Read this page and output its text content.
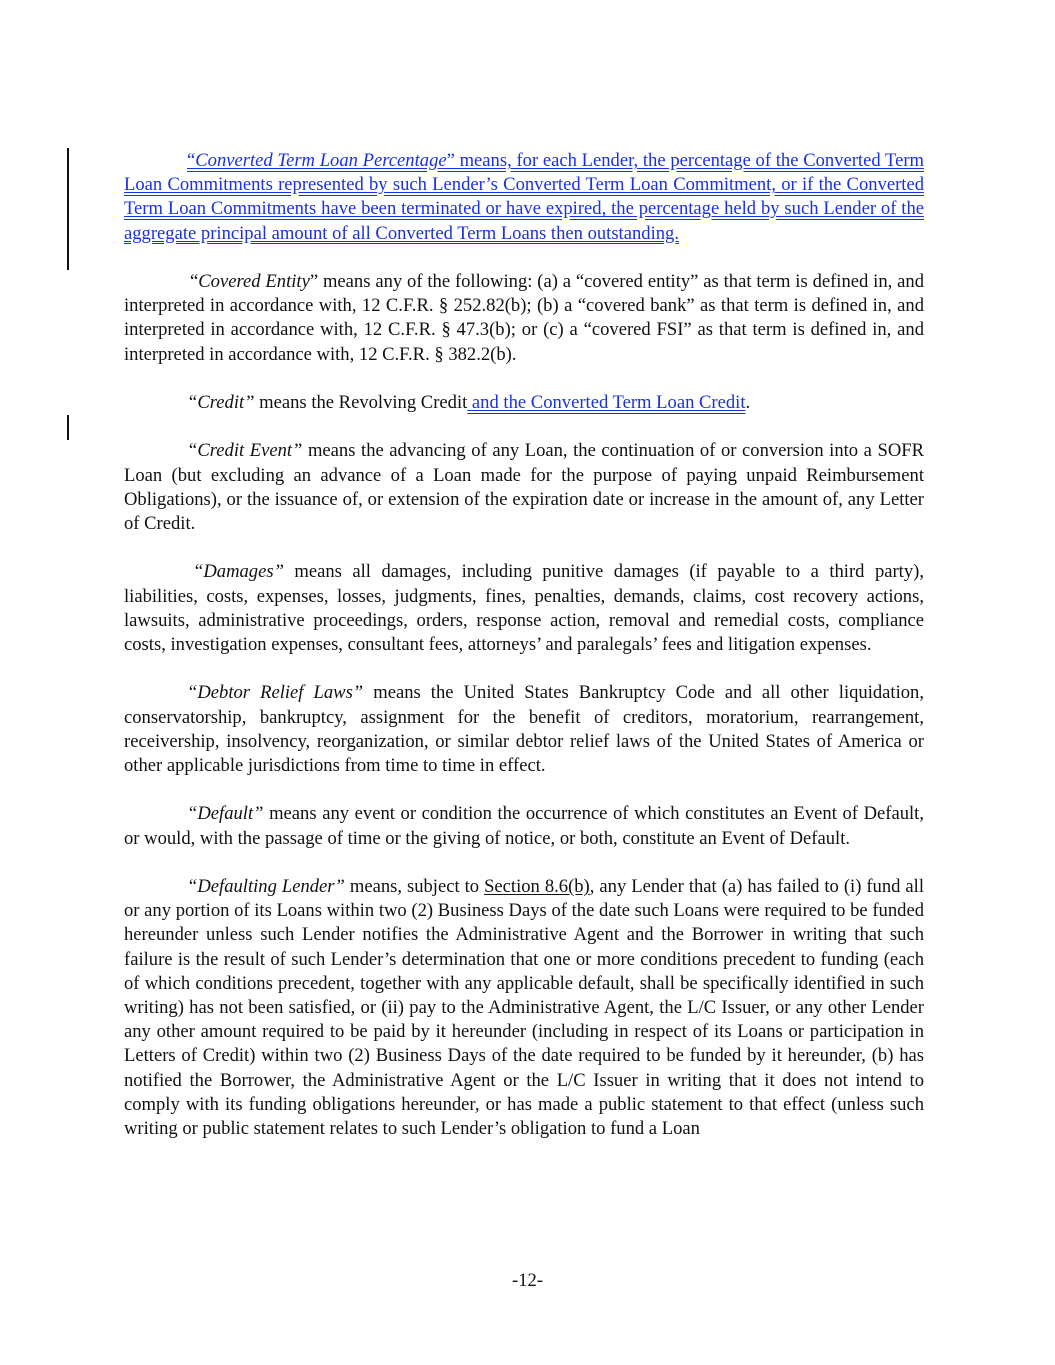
“Converted Term Loan Percentage” means, for each Lender, the percentage of the Converted Term Loan Commitments represented by such Lender’s Converted Term Loan Commitment, or if the Converted Term Loan Commitments have been terminated or have expired, the percentage held by such Lender of the aggregate principal amount of all Converted Term Loans then outstanding.

“Covered Entity” means any of the following: (a) a “covered entity” as that term is defined in, and interpreted in accordance with, 12 C.F.R. § 252.82(b); (b) a “covered bank” as that term is defined in, and interpreted in accordance with, 12 C.F.R. § 47.3(b); or (c) a “covered FSI” as that term is defined in, and interpreted in accordance with, 12 C.F.R. § 382.2(b).

“Credit” means the Revolving Credit and the Converted Term Loan Credit.

“Credit Event” means the advancing of any Loan, the continuation of or conversion into a SOFR Loan (but excluding an advance of a Loan made for the purpose of paying unpaid Reimbursement Obligations), or the issuance of, or extension of the expiration date or increase in the amount of, any Letter of Credit.

“Damages” means all damages, including punitive damages (if payable to a third party), liabilities, costs, expenses, losses, judgments, fines, penalties, demands, claims, cost recovery actions, lawsuits, administrative proceedings, orders, response action, removal and remedial costs, compliance costs, investigation expenses, consultant fees, attorneys’ and paralegals’ fees and litigation expenses.

“Debtor Relief Laws” means the United States Bankruptcy Code and all other liquidation, conservatorship, bankruptcy, assignment for the benefit of creditors, moratorium, rearrangement, receivership, insolvency, reorganization, or similar debtor relief laws of the United States of America or other applicable jurisdictions from time to time in effect.

“Default” means any event or condition the occurrence of which constitutes an Event of Default, or would, with the passage of time or the giving of notice, or both, constitute an Event of Default.

“Defaulting Lender” means, subject to Section 8.6(b), any Lender that (a) has failed to (i) fund all or any portion of its Loans within two (2) Business Days of the date such Loans were required to be funded hereunder unless such Lender notifies the Administrative Agent and the Borrower in writing that such failure is the result of such Lender’s determination that one or more conditions precedent to funding (each of which conditions precedent, together with any applicable default, shall be specifically identified in such writing) has not been satisfied, or (ii) pay to the Administrative Agent, the L/C Issuer, or any other Lender any other amount required to be paid by it hereunder (including in respect of its Loans or participation in Letters of Credit) within two (2) Business Days of the date required to be funded by it hereunder, (b) has notified the Borrower, the Administrative Agent or the L/C Issuer in writing that it does not intend to comply with its funding obligations hereunder, or has made a public statement to that effect (unless such writing or public statement relates to such Lender’s obligation to fund a Loan

-12-
